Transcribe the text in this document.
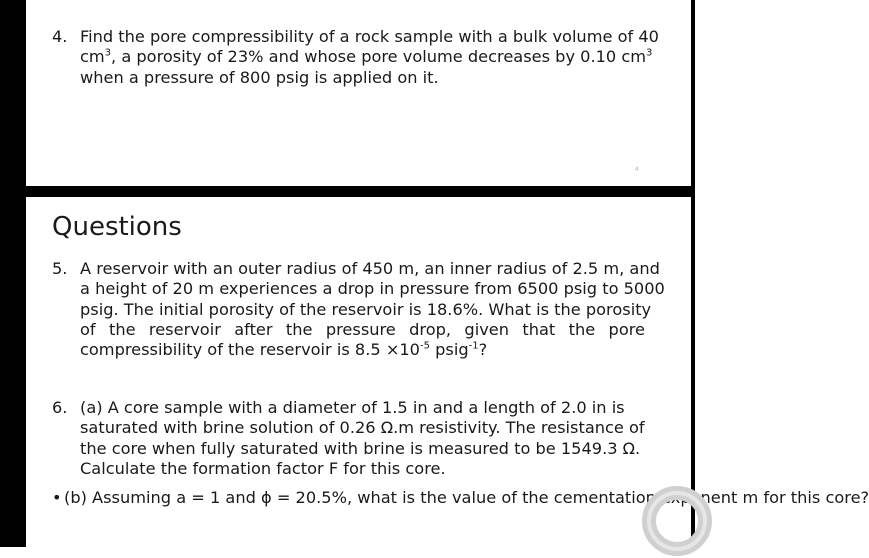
4. Find the pore compressibility of a rock sample with a bulk volume of 40
$cm^3$, a porosity of 23% and whose pore volume decreases by 0.10 $cm^3$
when a pressure of 800 psig is applied on it.
4
Questions
5. A reservoir with an outer radius of 450 m, an inner radius of 2.5 m, and
a height of 20 m experiences a drop in pressure from 6500 psig to 5000
psig. The initial porosity of the reservoir is 18.6%. What is the porosity
of the reservoir after the pressure drop, given that the pore
compressibility of the reservoir is $8.5 \times 10^{-5}$ psig$^{-1}$?
6. (a) A core sample with a diameter of 1.5 in and a length of 2.0 in is
saturated with brine solution of 0.26 Ω.m resistivity. The resistance of
the core when fully saturated with brine is measured to be 1549.3 Ω.
Calculate the formation factor F for this core.
• (b) Assuming a = 1 and ϕ = 20.5%, what is the value of the cementation exponent m for this core?
